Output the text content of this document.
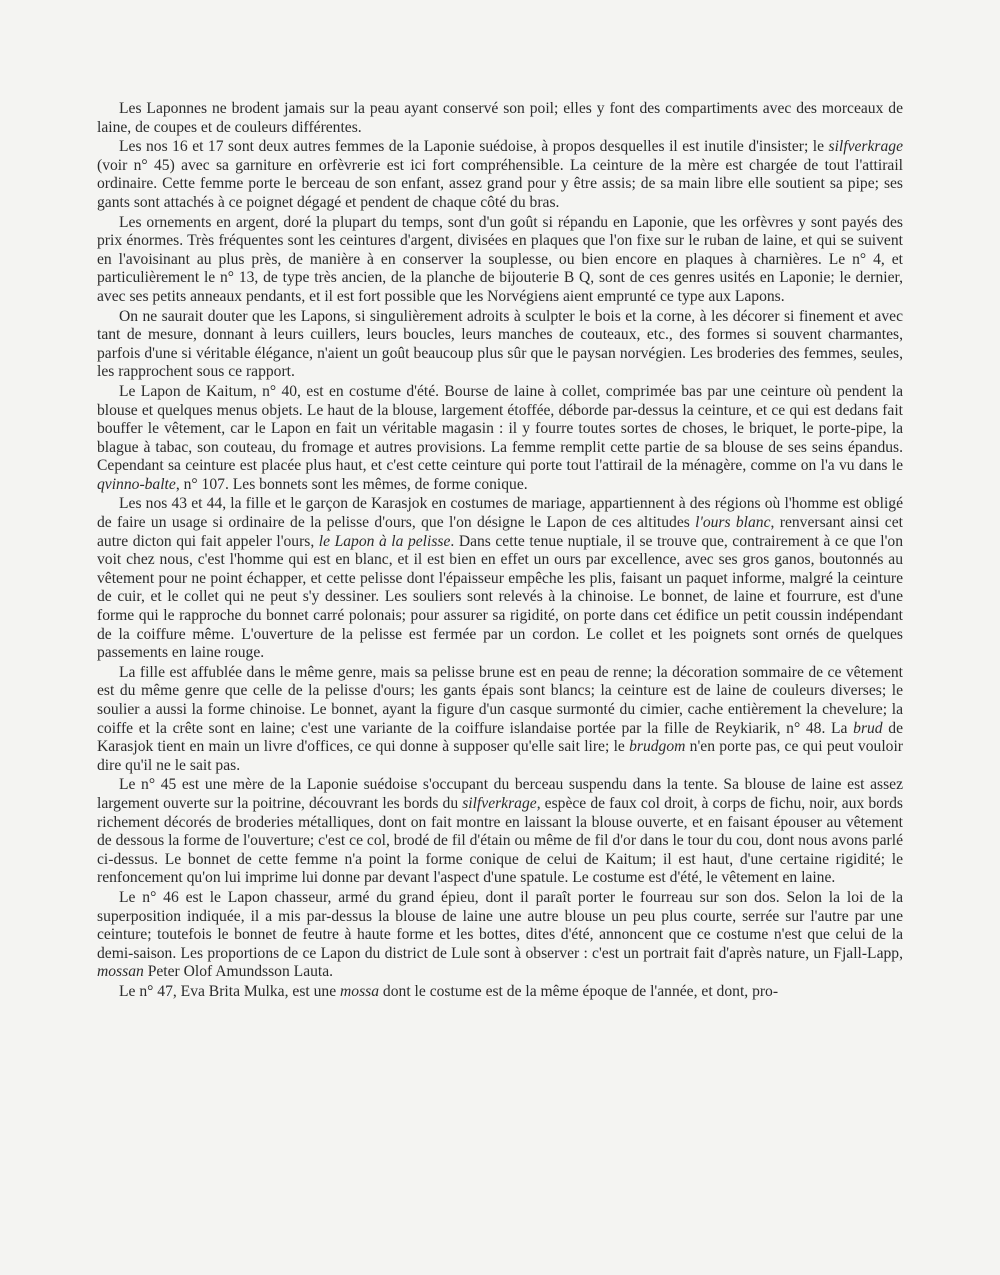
Les Laponnes ne brodent jamais sur la peau ayant conservé son poil; elles y font des compartiments avec des morceaux de laine, de coupes et de couleurs différentes.

Les nos 16 et 17 sont deux autres femmes de la Laponie suédoise, à propos desquelles il est inutile d'insister; le silfverkrage (voir n° 45) avec sa garniture en orfèvrerie est ici fort compréhensible. La ceinture de la mère est chargée de tout l'attirail ordinaire. Cette femme porte le berceau de son enfant, assez grand pour y être assis; de sa main libre elle soutient sa pipe; ses gants sont attachés à ce poignet dégagé et pendent de chaque côté du bras.

Les ornements en argent, doré la plupart du temps, sont d'un goût si répandu en Laponie, que les orfèvres y sont payés des prix énormes. Très fréquentes sont les ceintures d'argent, divisées en plaques que l'on fixe sur le ruban de laine, et qui se suivent en l'avoisinant au plus près, de manière à en conserver la souplesse, ou bien encore en plaques à charnières. Le n° 4, et particulièrement le n° 13, de type très ancien, de la planche de bijouterie B Q, sont de ces genres usités en Laponie; le dernier, avec ses petits anneaux pendants, et il est fort possible que les Norvégiens aient emprunté ce type aux Lapons.

On ne saurait douter que les Lapons, si singulièrement adroits à sculpter le bois et la corne, à les décorer si finement et avec tant de mesure, donnant à leurs cuillers, leurs boucles, leurs manches de couteaux, etc., des formes si souvent charmantes, parfois d'une si véritable élégance, n'aient un goût beaucoup plus sûr que le paysan norvégien. Les broderies des femmes, seules, les rapprochent sous ce rapport.

Le Lapon de Kaitum, n° 40, est en costume d'été. Bourse de laine à collet, comprimée bas par une ceinture où pendent la blouse et quelques menus objets. Le haut de la blouse, largement étoffée, déborde par-dessus la ceinture, et ce qui est dedans fait bouffer le vêtement, car le Lapon en fait un véritable magasin : il y fourre toutes sortes de choses, le briquet, le porte-pipe, la blague à tabac, son couteau, du fromage et autres provisions. La femme remplit cette partie de sa blouse de ses seins épandus. Cependant sa ceinture est placée plus haut, et c'est cette ceinture qui porte tout l'attirail de la ménagère, comme on l'a vu dans le qvinno-balte, n° 107. Les bonnets sont les mêmes, de forme conique.

Les nos 43 et 44, la fille et le garçon de Karasjok en costumes de mariage, appartiennent à des régions où l'homme est obligé de faire un usage si ordinaire de la pelisse d'ours, que l'on désigne le Lapon de ces altitudes l'ours blanc, renversant ainsi cet autre dicton qui fait appeler l'ours, le Lapon à la pelisse. Dans cette tenue nuptiale, il se trouve que, contrairement à ce que l'on voit chez nous, c'est l'homme qui est en blanc, et il est bien en effet un ours par excellence, avec ses gros ganos, boutonnés au vêtement pour ne point échapper, et cette pelisse dont l'épaisseur empêche les plis, faisant un paquet informe, malgré la ceinture de cuir, et le collet qui ne peut s'y dessiner. Les souliers sont relevés à la chinoise. Le bonnet, de laine et fourrure, est d'une forme qui le rapproche du bonnet carré polonais; pour assurer sa rigidité, on porte dans cet édifice un petit coussin indépendant de la coiffure même. L'ouverture de la pelisse est fermée par un cordon. Le collet et les poignets sont ornés de quelques passements en laine rouge.

La fille est affublée dans le même genre, mais sa pelisse brune est en peau de renne; la décoration sommaire de ce vêtement est du même genre que celle de la pelisse d'ours; les gants épais sont blancs; la ceinture est de laine de couleurs diverses; le soulier a aussi la forme chinoise. Le bonnet, ayant la figure d'un casque surmonté du cimier, cache entièrement la chevelure; la coiffe et la crête sont en laine; c'est une variante de la coiffure islandaise portée par la fille de Reykiarik, n° 48. La brud de Karasjok tient en main un livre d'offices, ce qui donne à supposer qu'elle sait lire; le brudgom n'en porte pas, ce qui peut vouloir dire qu'il ne le sait pas.

Le n° 45 est une mère de la Laponie suédoise s'occupant du berceau suspendu dans la tente. Sa blouse de laine est assez largement ouverte sur la poitrine, découvrant les bords du silfverkrage, espèce de faux col droit, à corps de fichu, noir, aux bords richement décorés de broderies métalliques, dont on fait montre en laissant la blouse ouverte, et en faisant épouser au vêtement de dessous la forme de l'ouverture; c'est ce col, brodé de fil d'étain ou même de fil d'or dans le tour du cou, dont nous avons parlé ci-dessus. Le bonnet de cette femme n'a point la forme conique de celui de Kaitum; il est haut, d'une certaine rigidité; le renfoncement qu'on lui imprime lui donne par devant l'aspect d'une spatule. Le costume est d'été, le vêtement en laine.

Le n° 46 est le Lapon chasseur, armé du grand épieu, dont il paraît porter le fourreau sur son dos. Selon la loi de la superposition indiquée, il a mis par-dessus la blouse de laine une autre blouse un peu plus courte, serrée sur l'autre par une ceinture; toutefois le bonnet de feutre à haute forme et les bottes, dites d'été, annoncent que ce costume n'est que celui de la demi-saison. Les proportions de ce Lapon du district de Lule sont à observer : c'est un portrait fait d'après nature, un Fjall-Lapp, mossan Peter Olof Amundsson Lauta.

Le n° 47, Eva Brita Mulka, est une mossa dont le costume est de la même époque de l'année, et dont, pro-
